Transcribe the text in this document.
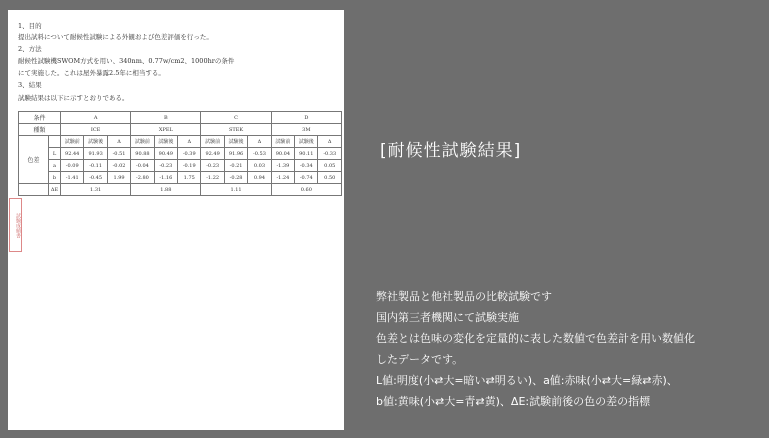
1、目的
提出試料について耐候性試験による外観および色差評価を行った。
2、方法
耐候性試験機SWOM方式を用い、340nm、0.77w/cm2、1000hrの条件
にて実施した。これは屋外暴露2.5年に相当する。
3、結果
試験結果は以下に示すとおりである。
条件		A			B			C			D		
種類		ICE			XPEL			STEK			3M		
色差		試験前	試験後	Δ	試験前	試験後	Δ	試験前	試験後	Δ	試験前	試験後	Δ
	L	92.44	91.93	-0.51	90.88	90.49	-0.39	92.49	91.96	-0.53	90.04	90.11	-0.33
	a	-0.09	-0.11	-0.02	-0.04	-0.23	-0.19	-0.23	-0.21	0.03	-1.39	-0.34	0.05
	b	-1.41	-0.45	1.99	-2.80	-1.16	1.75	-1.22	-0.28	0.94	-1.24	-0.74	0.50
	ΔE	1.31			1.88			1.11			0.60		
試験成績書
[耐候性試験結果]
弊社製品と他社製品の比較試験です
国内第三者機関にて試験実施
色差とは色味の変化を定量的に表した数値で色差計を用い数値化
したデータです。
L値:明度(小⇄大=暗い⇄明るい)、a値:赤味(小⇄大=緑⇄赤)、
b値:黄味(小⇄大=青⇄黄)、ΔE:試験前後の色の差の指標
